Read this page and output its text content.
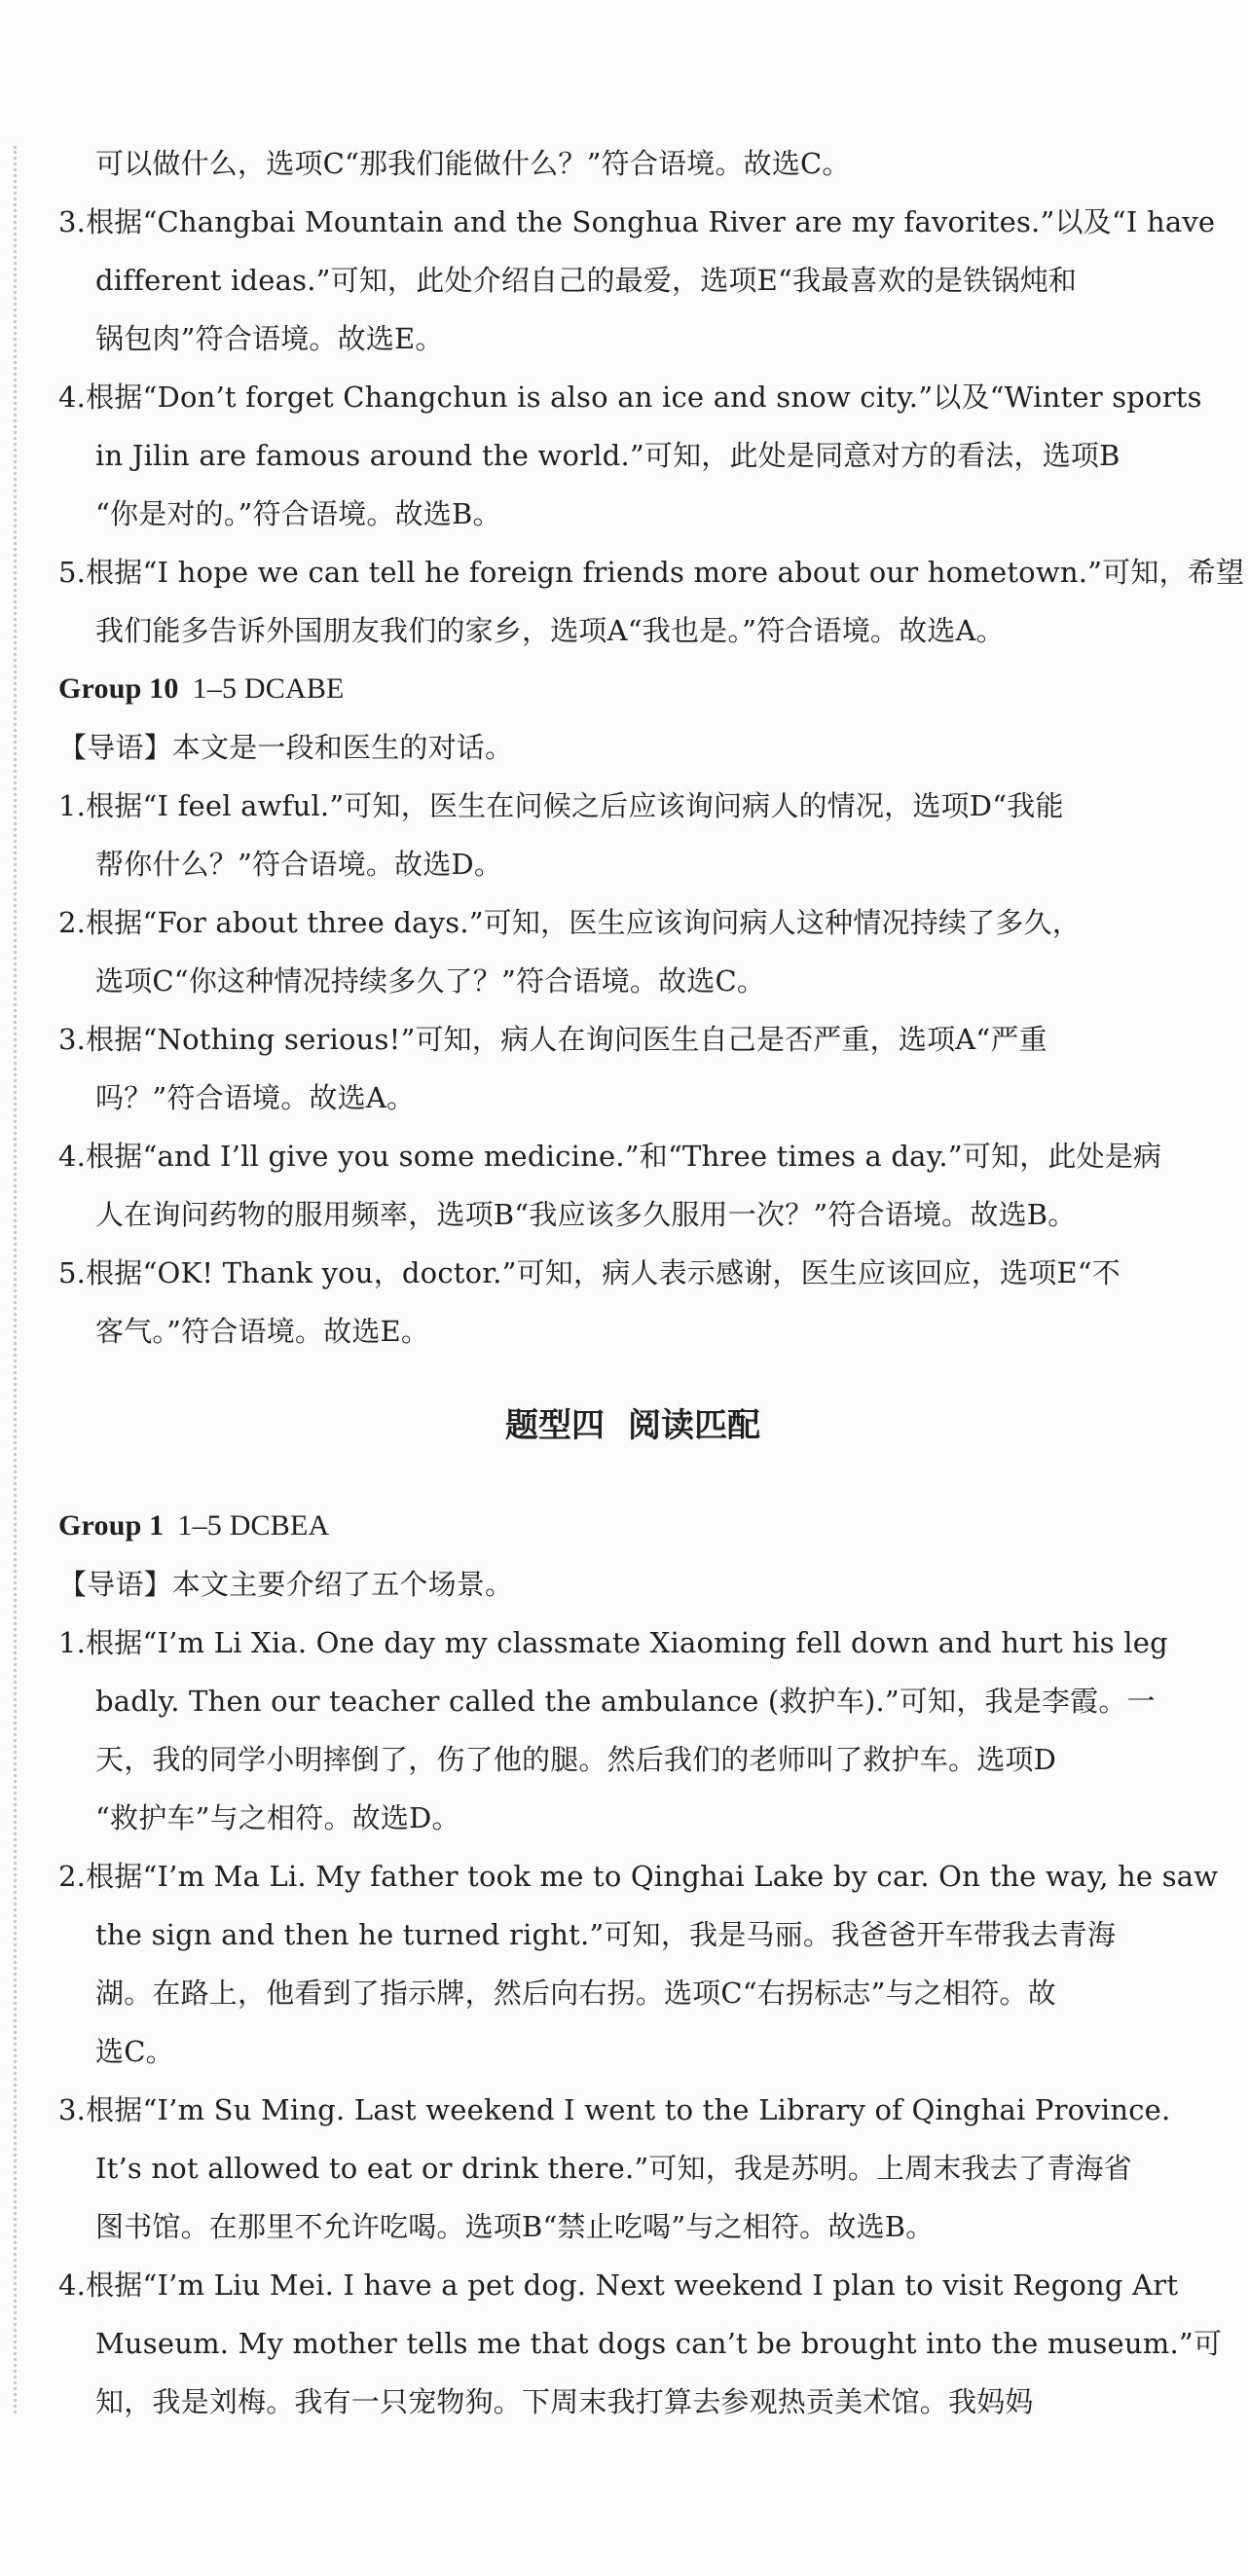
可以做什么，选项C“那我们能做什么？”符合语境。故选C。
3.根据“Changbai Mountain and the Songhua River are my favorites.”以及“I have
different ideas.”可知，此处介绍自己的最爱，选项E“我最喜欢的是铁锅炖和
锅包肉”符合语境。故选E。
4.根据“Don’t forget Changchun is also an ice and snow city.”以及“Winter sports
in Jilin are famous around the world.”可知，此处是同意对方的看法，选项B
“你是对的。”符合语境。故选B。
5.根据“I hope we can tell he foreign friends more about our hometown.”可知，希望
我们能多告诉外国朋友我们的家乡，选项A“我也是。”符合语境。故选A。
Group 10 1–5 DCABE
【导语】本文是一段和医生的对话。
1.根据“I feel awful.”可知，医生在问候之后应该询问病人的情况，选项D“我能
帮你什么？”符合语境。故选D。
2.根据“For about three days.”可知，医生应该询问病人这种情况持续了多久，
选项C“你这种情况持续多久了？”符合语境。故选C。
3.根据“Nothing serious!”可知，病人在询问医生自己是否严重，选项A“严重
吗？”符合语境。故选A。
4.根据“and I’ll give you some medicine.”和“Three times a day.”可知，此处是病
人在询问药物的服用频率，选项B“我应该多久服用一次？”符合语境。故选B。
5.根据“OK! Thank you，doctor.”可知，病人表示感谢，医生应该回应，选项E“不
客气。”符合语境。故选E。
题型四 阅读匹配
Group 1 1–5 DCBEA
【导语】本文主要介绍了五个场景。
1.根据“I’m Li Xia. One day my classmate Xiaoming fell down and hurt his leg
badly. Then our teacher called the ambulance (救护车).”可知，我是李霞。一
天，我的同学小明摔倒了，伤了他的腿。然后我们的老师叫了救护车。选项D
“救护车”与之相符。故选D。
2.根据“I’m Ma Li. My father took me to Qinghai Lake by car. On the way, he saw
the sign and then he turned right.”可知，我是马丽。我爸爸开车带我去青海
湖。在路上，他看到了指示牌，然后向右拐。选项C“右拐标志”与之相符。故
选C。
3.根据“I’m Su Ming. Last weekend I went to the Library of Qinghai Province.
It’s not allowed to eat or drink there.”可知，我是苏明。上周末我去了青海省
图书馆。在那里不允许吃喝。选项B“禁止吃喝”与之相符。故选B。
4.根据“I’m Liu Mei. I have a pet dog. Next weekend I plan to visit Regong Art
Museum. My mother tells me that dogs can’t be brought into the museum.”可
知，我是刘梅。我有一只宠物狗。下周末我打算去参观热贡美术馆。我妈妈
